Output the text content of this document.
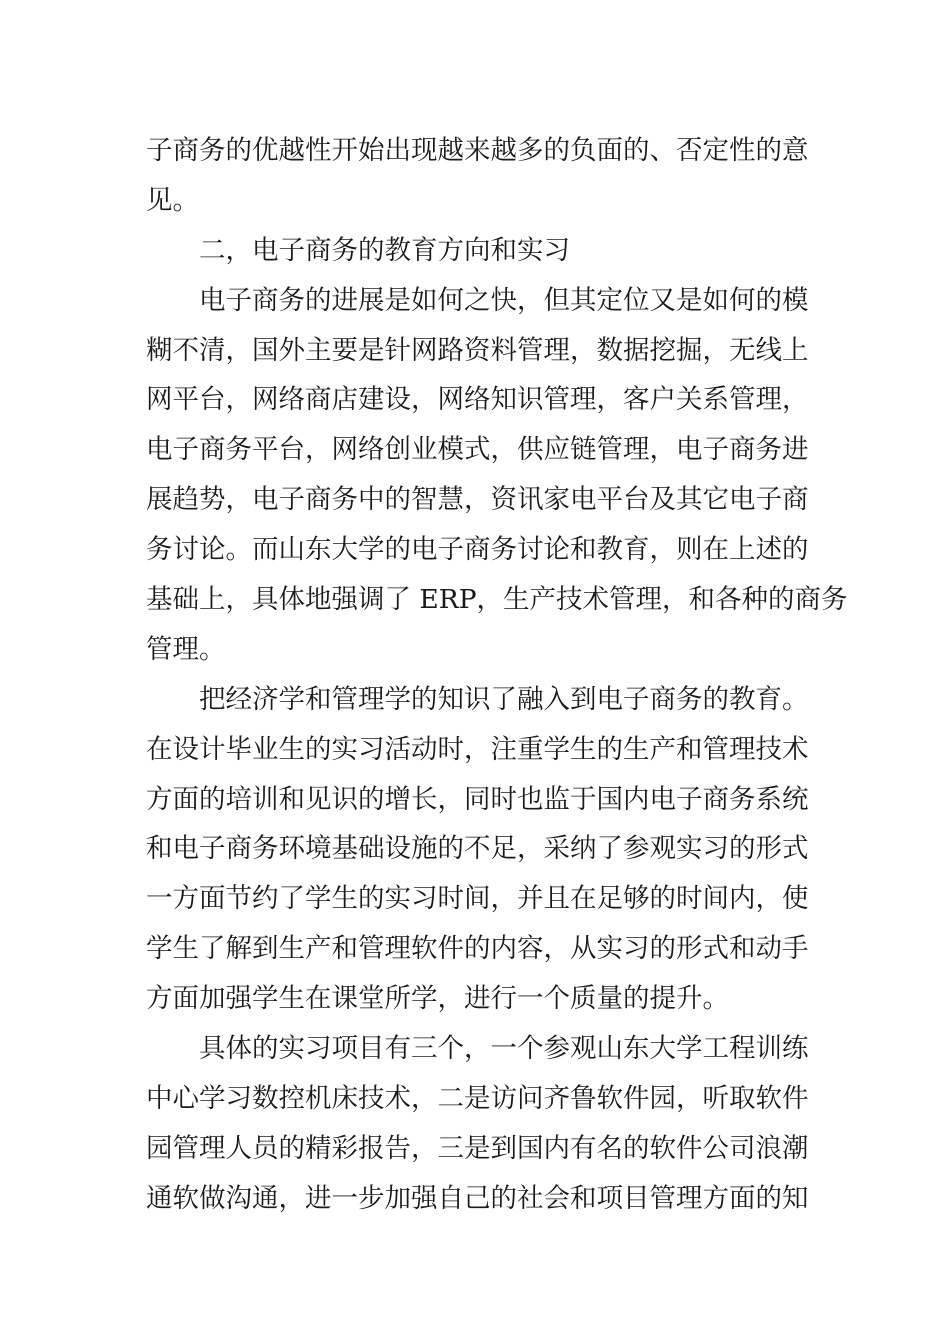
子商务的优越性开始出现越来越多的负面的、否定性的意
见。
二，电子商务的教育方向和实习
电子商务的进展是如何之快，但其定位又是如何的模
糊不清，国外主要是针网路资料管理，数据挖掘，无线上
网平台，网络商店建设，网络知识管理，客户关系管理，
电子商务平台，网络创业模式，供应链管理，电子商务进
展趋势，电子商务中的智慧，资讯家电平台及其它电子商
务讨论。而山东大学的电子商务讨论和教育，则在上述的
基础上，具体地强调了 ERP，生产技术管理，和各种的商务
管理。
把经济学和管理学的知识了融入到电子商务的教育。
在设计毕业生的实习活动时，注重学生的生产和管理技术
方面的培训和见识的增长，同时也监于国内电子商务系统
和电子商务环境基础设施的不足，采纳了参观实习的形式
一方面节约了学生的实习时间，并且在足够的时间内，使
学生了解到生产和管理软件的内容，从实习的形式和动手
方面加强学生在课堂所学，进行一个质量的提升。
具体的实习项目有三个，一个参观山东大学工程训练
中心学习数控机床技术，二是访问齐鲁软件园，听取软件
园管理人员的精彩报告，三是到国内有名的软件公司浪潮
通软做沟通，进一步加强自己的社会和项目管理方面的知
